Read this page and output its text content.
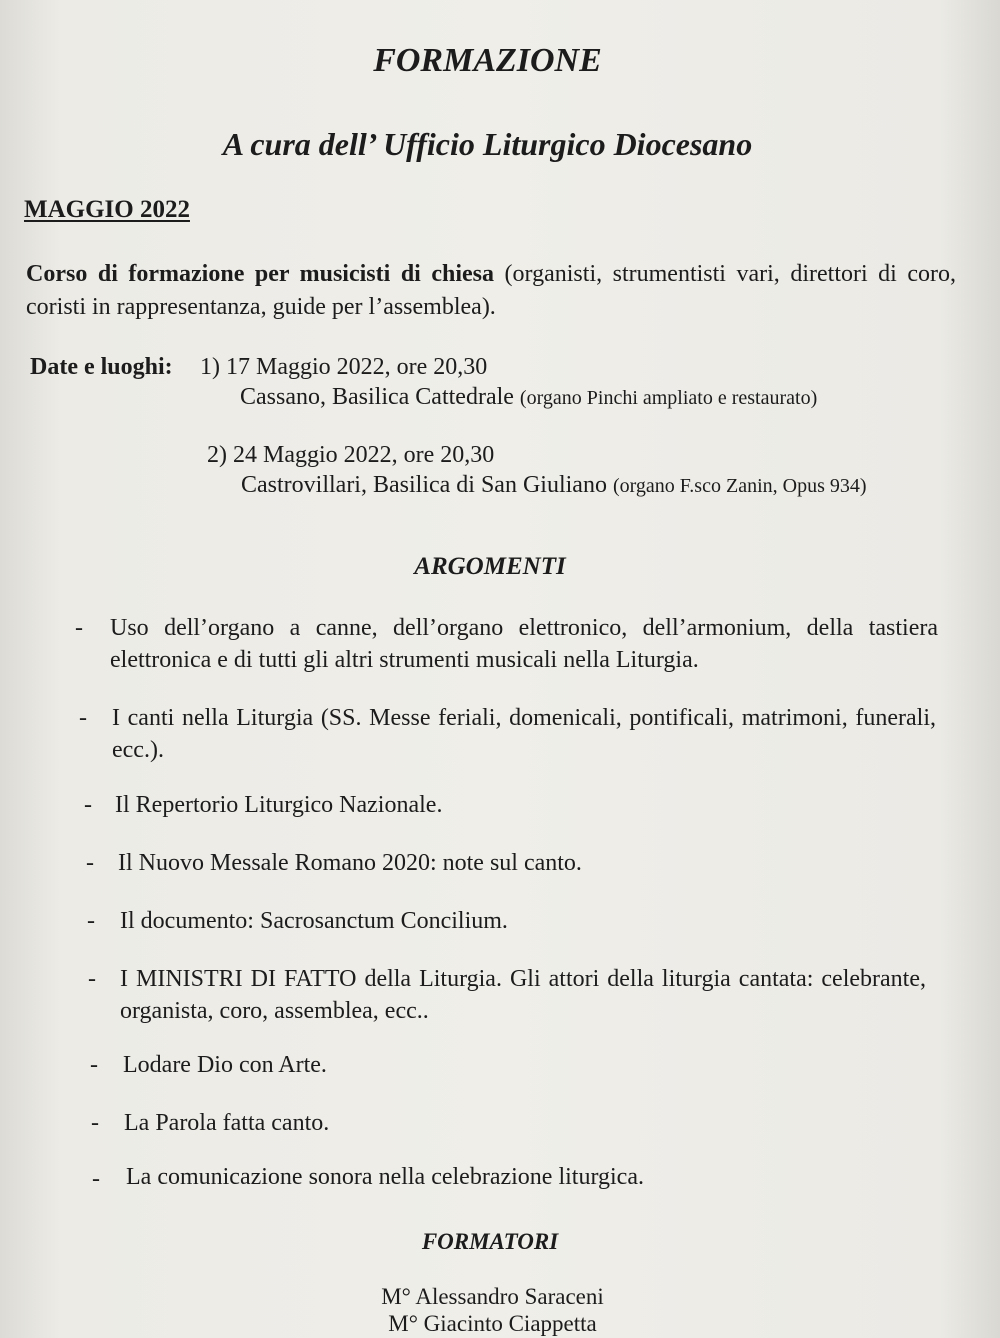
FORMAZIONE
A cura dell’ Ufficio Liturgico Diocesano
MAGGIO 2022
Corso di formazione per musicisti di chiesa (organisti, strumentisti vari, direttori di coro, coristi in rappresentanza, guide per l’assemblea).
Date e luoghi: 1) 17 Maggio 2022, ore 20,30
Cassano, Basilica Cattedrale (organo Pinchi ampliato e restaurato)
2) 24 Maggio 2022, ore 20,30
Castrovillari, Basilica di San Giuliano (organo F.sco Zanin, Opus 934)
ARGOMENTI
- Uso dell’organo a canne, dell’organo elettronico, dell’armonium, della tastiera elettronica e di tutti gli altri strumenti musicali nella Liturgia.
- I canti nella Liturgia (SS. Messe feriali, domenicali, pontificali, matrimoni, funerali, ecc.).
- Il Repertorio Liturgico Nazionale.
- Il Nuovo Messale Romano 2020: note sul canto.
- Il documento: Sacrosanctum Concilium.
- I MINISTRI DI FATTO della Liturgia. Gli attori della liturgia cantata: celebrante, organista, coro, assemblea, ecc..
- Lodare Dio con Arte.
- La Parola fatta canto.
- La comunicazione sonora nella celebrazione liturgica.
FORMATORI
M° Alessandro Saraceni
M° Giacinto Ciappetta
